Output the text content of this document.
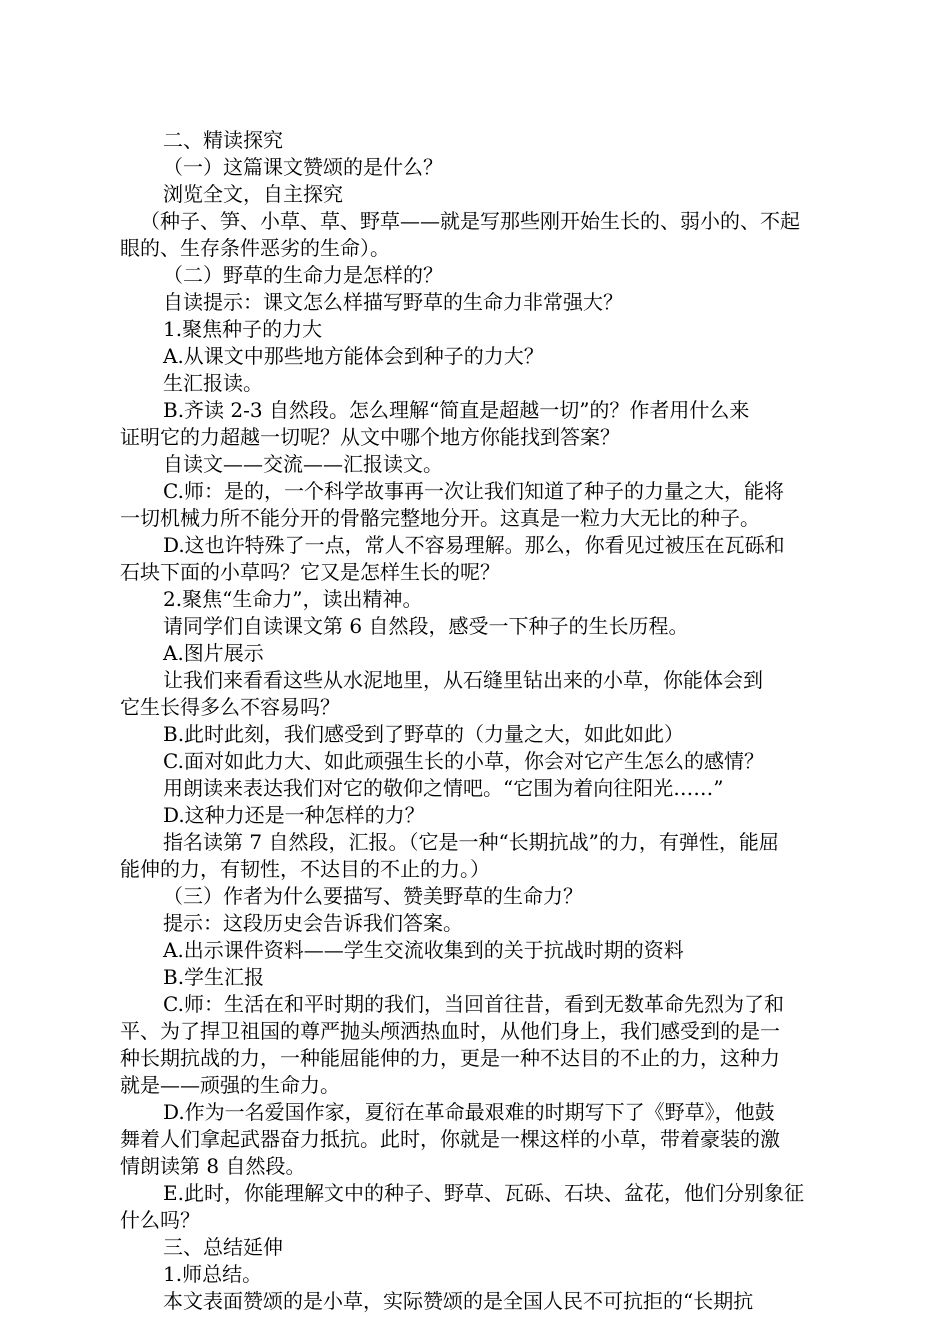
二、精读探究
（一）这篇课文赞颂的是什么？
浏览全文，自主探究
（种子、笋、小草、草、野草——就是写那些刚开始生长的、弱小的、不起
眼的、生存条件恶劣的生命）。
（二）野草的生命力是怎样的？
自读提示：课文怎么样描写野草的生命力非常强大？
1.聚焦种子的力大
A.从课文中那些地方能体会到种子的力大？
生汇报读。
B.齐读 2-3 自然段。怎么理解“简直是超越一切”的？作者用什么来
证明它的力超越一切呢？从文中哪个地方你能找到答案？
自读文——交流——汇报读文。
C.师：是的，一个科学故事再一次让我们知道了种子的力量之大，能将
一切机械力所不能分开的骨骼完整地分开。这真是一粒力大无比的种子。
D.这也许特殊了一点，常人不容易理解。那么，你看见过被压在瓦砾和
石块下面的小草吗？它又是怎样生长的呢？
2.聚焦“生命力”，读出精神。
请同学们自读课文第 6 自然段，感受一下种子的生长历程。
A.图片展示
让我们来看看这些从水泥地里，从石缝里钻出来的小草，你能体会到
它生长得多么不容易吗？
B.此时此刻，我们感受到了野草的（力量之大，如此如此）
C.面对如此力大、如此顽强生长的小草，你会对它产生怎么的感情？
用朗读来表达我们对它的敬仰之情吧。“它围为着向往阳光……”
D.这种力还是一种怎样的力？
指名读第 7 自然段，汇报。（它是一种“长期抗战”的力，有弹性，能屈
能伸的力，有韧性，不达目的不止的力。）
（三）作者为什么要描写、赞美野草的生命力？
提示：这段历史会告诉我们答案。
A.出示课件资料——学生交流收集到的关于抗战时期的资料
B.学生汇报
C.师：生活在和平时期的我们，当回首往昔，看到无数革命先烈为了和
平、为了捍卫祖国的尊严抛头颅洒热血时，从他们身上，我们感受到的是一
种长期抗战的力，一种能屈能伸的力，更是一种不达目的不止的力，这种力
就是——顽强的生命力。
D.作为一名爱国作家，夏衍在革命最艰难的时期写下了《野草》，他鼓
舞着人们拿起武器奋力抵抗。此时，你就是一棵这样的小草，带着豪装的激
情朗读第 8 自然段。
E.此时，你能理解文中的种子、野草、瓦砾、石块、盆花，他们分别象征
什么吗？
三、总结延伸
1.师总结。
本文表面赞颂的是小草，实际赞颂的是全国人民不可抗拒的“长期抗
